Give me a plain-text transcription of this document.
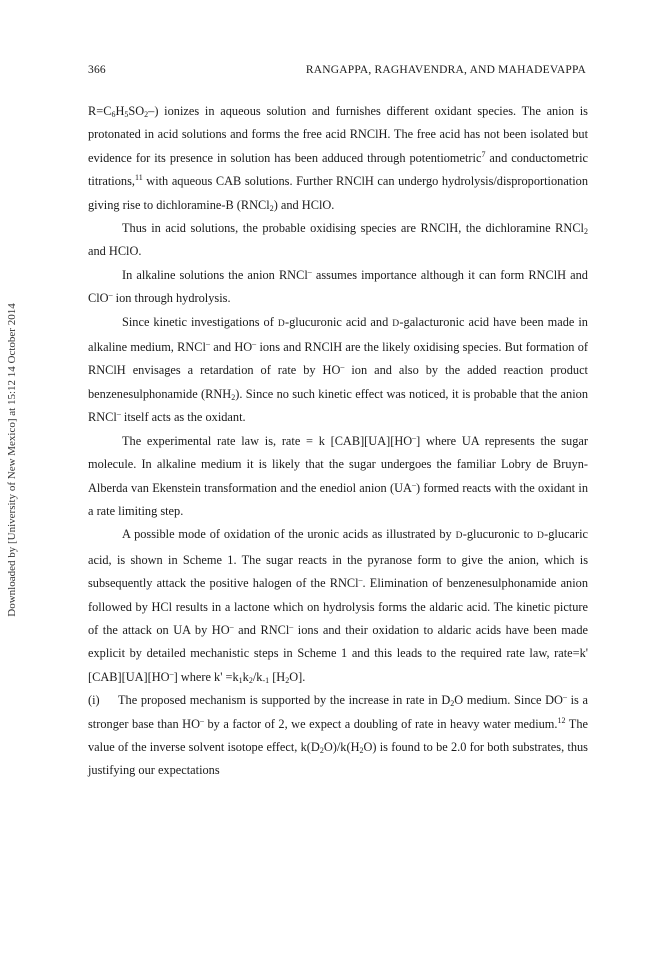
366	RANGAPPA, RAGHAVENDRA, AND MAHADEVAPPA
Downloaded by [University of New Mexico] at 15:12 14 October 2014

$R=C_6H_5SO_2-$) ionizes in aqueous solution and furnishes different oxidant species. The anion is protonated in acid solutions and forms the free acid RNClH. The free acid has not been isolated but evidence for its presence in solution has been adduced through potentiometric$^7$ and conductometric titrations,$^{11}$ with aqueous CAB solutions. Further RNClH can undergo hydrolysis/disproportionation giving rise to dichloramine-B (RNCl$_2$) and HClO.

Thus in acid solutions, the probable oxidising species are RNClH, the dichloramine RNCl$_2$ and HClO.

In alkaline solutions the anion RNCl– assumes importance although it can form RNClH and ClO– ion through hydrolysis.

Since kinetic investigations of D-glucuronic acid and D-galacturonic acid have been made in alkaline medium, RNCl– and HO– ions and RNClH are the likely oxidising species. But formation of RNClH envisages a retardation of rate by HO– ion and also by the added reaction product benzenesulphonamide $(RNH_2)$. Since no such kinetic effect was noticed, it is probable that the anion RNCl– itself acts as the oxidant.

The experimental rate law is, rate = k [CAB][UA][HO–] where UA represents the sugar molecule. In alkaline medium it is likely that the sugar undergoes the familiar Lobry de Bruyn-Alberda van Ekenstein transformation and the enediol anion (UA–) formed reacts with the oxidant in a rate limiting step.

A possible mode of oxidation of the uronic acids as illustrated by D-glucuronic to D-glucaric acid, is shown in Scheme 1. The sugar reacts in the pyranose form to give the anion, which is subsequently attack the positive halogen of the RNCl–. Elimination of benzenesulphonamide anion followed by HCl results in a lactone which on hydrolysis forms the aldaric acid. The kinetic picture of the attack on UA by HO– and RNCl– ions and their oxidation to aldaric acids have been made explicit by detailed mechanistic steps in Scheme 1 and this leads to the required rate law, rate=k' [CAB][UA][HO–] where $k' =k_1k_2/k_{-1}$ $[H_2O]$.

(i) The proposed mechanism is supported by the increase in rate in $D_2O$ medium. Since DO– is a stronger base than HO– by a factor of 2, we expect a doubling of rate in heavy water medium.$^{12}$ The value of the inverse solvent isotope effect, $k(D_2O)/k(H_2O)$ is found to be 2.0 for both substrates, thus justifying our expectations
